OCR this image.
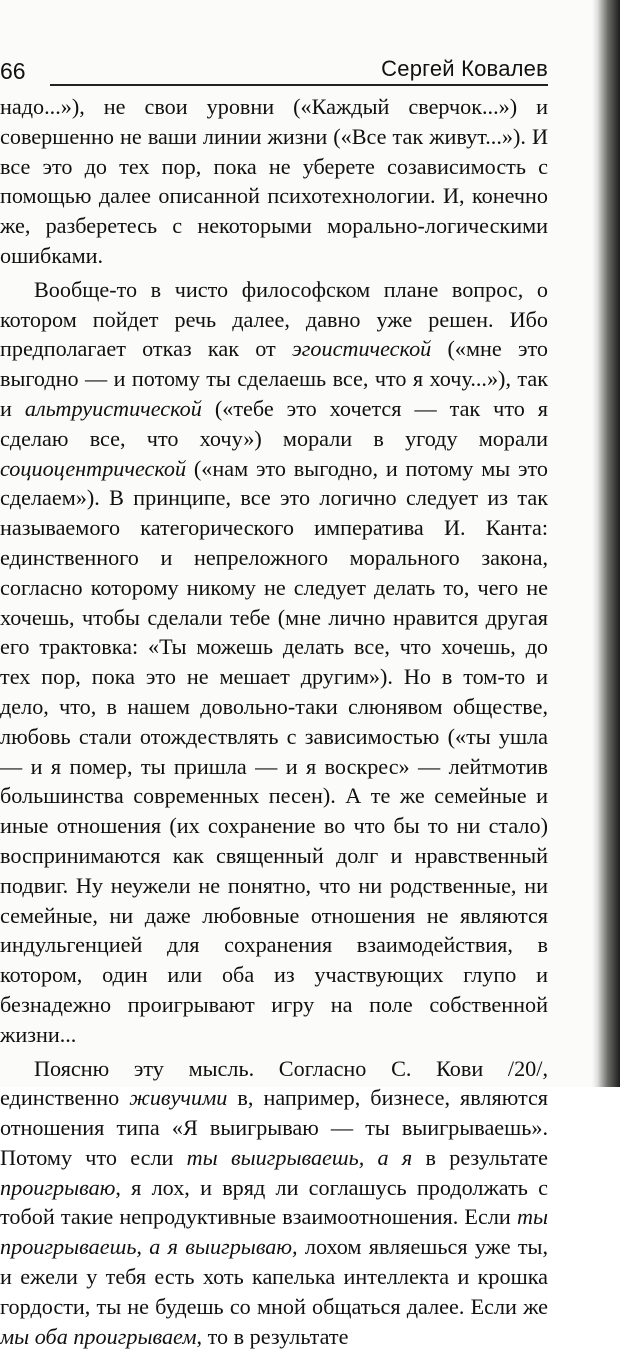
66	Сергей Ковалев

надо...»), не свои уровни («Каждый сверчок...») и совершенно не ваши линии жизни («Все так живут...»). И все это до тех пор, пока не уберете созависимость с помощью далее описанной психотехнологии. И, конечно же, разберетесь с некоторыми морально-логическими ошибками.

Вообще-то в чисто философском плане вопрос, о котором пойдет речь далее, давно уже решен. Ибо предполагает отказ как от эгоистической («мне это выгодно — и потому ты сделаешь все, что я хочу...»), так и альтруистической («тебе это хочется — так что я сделаю все, что хочу») морали в угоду морали социоцентрической («нам это выгодно, и потому мы это сделаем»). В принципе, все это логично следует из так называемого категорического императива И. Канта: единственного и непреложного морального закона, согласно которому никому не следует делать то, чего не хочешь, чтобы сделали тебе (мне лично нравится другая его трактовка: «Ты можешь делать все, что хочешь, до тех пор, пока это не мешает другим»). Но в том-то и дело, что, в нашем довольно-таки слюнявом обществе, любовь стали отождествлять с зависимостью («ты ушла — и я помер, ты пришла — и я воскрес» — лейтмотив большинства современных песен). А те же семейные и иные отношения (их сохранение во что бы то ни стало) воспринимаются как священный долг и нравственный подвиг. Ну неужели не понятно, что ни родственные, ни семейные, ни даже любовные отношения не являются индульгенцией для сохранения взаимодействия, в котором, один или оба из участвующих глупо и безнадежно проигрывают игру на поле собственной жизни...

Поясню эту мысль. Согласно С. Кови /20/, единственно живучими в, например, бизнесе, являются отношения типа «Я выигрываю — ты выигрываешь». Потому что если ты выигрываешь, а я в результате проигрываю, я лох, и вряд ли соглашусь продолжать с тобой такие непродуктивные взаимоотношения. Если ты проигрываешь, а я выигрываю, лохом являешься уже ты, и ежели у тебя есть хоть капелька интеллекта и крошка гордости, ты не будешь со мной общаться далее. Если же мы оба проигрываем, то в результате
